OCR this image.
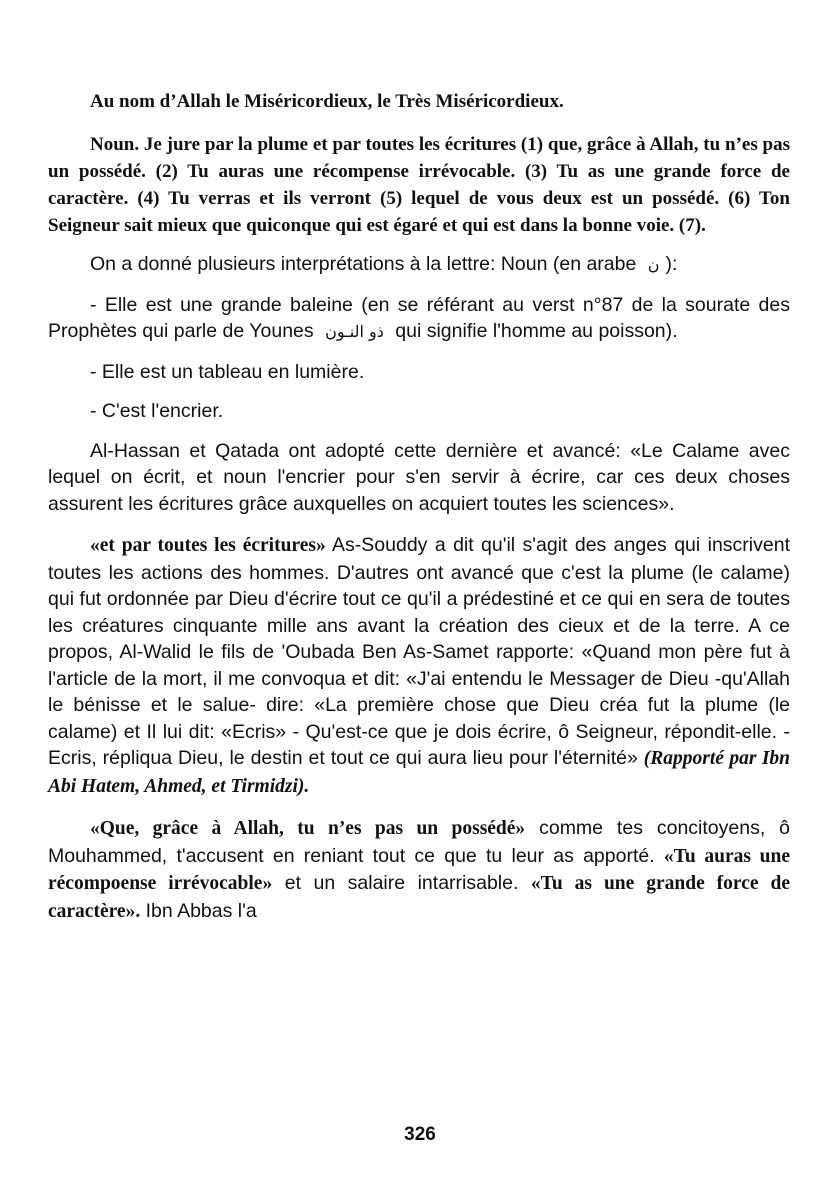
Au nom d’Allah le Miséricordieux, le Très Miséricordieux.

Noun. Je jure par la plume et par toutes les écritures (1) que, grâce à Allah, tu n’es pas un possédé. (2) Tu auras une récompense irrévocable. (3) Tu as une grande force de caractère. (4) Tu verras et ils verront (5) lequel de vous deux est un possédé. (6) Ton Seigneur sait mieux que quiconque qui est égaré et qui est dans la bonne voie. (7).

On a donné plusieurs interprétations à la lettre: Noun (en arabe ن ):

- Elle est une grande baleine (en se référant au verst n°87 de la sourate des Prophètes qui parle de Younes ذو النـون qui signifie l'homme au poisson).

- Elle est un tableau en lumière.

- C'est l'encrier.

Al-Hassan et Qatada ont adopté cette dernière et avancé: «Le Calame avec lequel on écrit, et noun l'encrier pour s'en servir à écrire, car ces deux choses assurent les écritures grâce auxquelles on acquiert toutes les sciences».

«et par toutes les écritures» As-Souddy a dit qu'il s'agit des anges qui inscrivent toutes les actions des hommes. D'autres ont avancé que c'est la plume (le calame) qui fut ordonnée par Dieu d'écrire tout ce qu'il a prédestiné et ce qui en sera de toutes les créatures cinquante mille ans avant la création des cieux et de la terre. A ce propos, Al-Walid le fils de 'Oubada Ben As-Samet rapporte: «Quand mon père fut à l'article de la mort, il me convoqua et dit: «J'ai entendu le Messager de Dieu -qu'Allah le bénisse et le salue- dire: «La première chose que Dieu créa fut la plume (le calame) et Il lui dit: «Ecris» - Qu'est-ce que je dois écrire, ô Seigneur, répondit-elle. - Ecris, répliqua Dieu, le destin et tout ce qui aura lieu pour l'éternité» (Rapporté par Ibn Abi Hatem, Ahmed, et Tirmidzi).

«Que, grâce à Allah, tu n’es pas un possédé» comme tes concitoyens, ô Mouhammed, t'accusent en reniant tout ce que tu leur as apporté. «Tu auras une récompoense irrévocable» et un salaire intarrisable. «Tu as une grande force de caractère». Ibn Abbas l'a

326
